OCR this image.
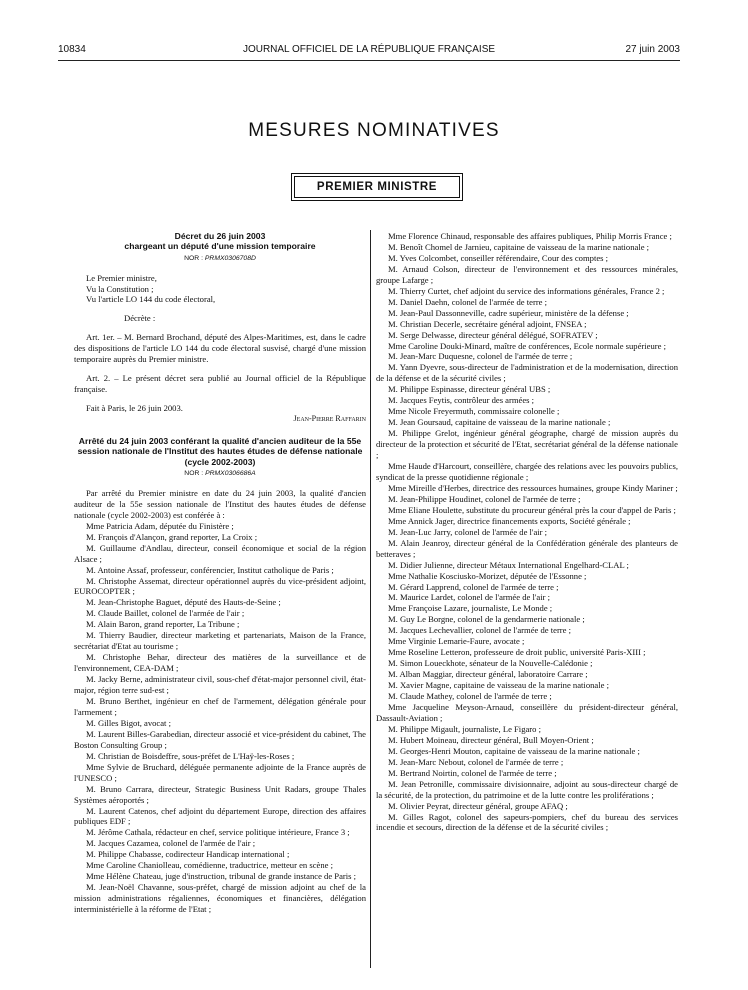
10834	JOURNAL OFFICIEL DE LA RÉPUBLIQUE FRANÇAISE	27 juin 2003
MESURES NOMINATIVES
PREMIER MINISTRE
Décret du 26 juin 2003
chargeant un député d'une mission temporaire
NOR : PRMX0306708D

Le Premier ministre,

Vu la Constitution ;

Vu l'article LO 144 du code électoral,

Décrète :

Art. 1er. – M. Bernard Brochand, député des Alpes-Maritimes, est, dans le cadre des dispositions de l'article LO 144 du code électoral susvisé, chargé d'une mission temporaire auprès du Premier ministre.

Art. 2. – Le présent décret sera publié au Journal officiel de la République française.

Fait à Paris, le 26 juin 2003.

Jean-Pierre Raffarin
Arrêté du 24 juin 2003 conférant la qualité d'ancien auditeur de la 55e session nationale de l'Institut des hautes études de défense nationale (cycle 2002-2003)
NOR : PRMX0306686A

Par arrêté du Premier ministre en date du 24 juin 2003, la qualité d'ancien auditeur de la 55e session nationale de l'Institut des hautes études de défense nationale (cycle 2002-2003) est conférée à :

Mme Patricia Adam, députée du Finistère ;

M. François d'Alançon, grand reporter, La Croix ;

M. Guillaume d'Andlau, directeur, conseil économique et social de la région Alsace ;

M. Antoine Assaf, professeur, conférencier, Institut catholique de Paris ;

M. Christophe Assemat, directeur opérationnel auprès du vice-président adjoint, EUROCOPTER ;

M. Jean-Christophe Baguet, député des Hauts-de-Seine ;

M. Claude Baillet, colonel de l'armée de l'air ;

M. Alain Baron, grand reporter, La Tribune ;

M. Thierry Baudier, directeur marketing et partenariats, Maison de la France, secrétariat d'Etat au tourisme ;

M. Christophe Behar, directeur des matières de la surveillance et de l'environnement, CEA-DAM ;

M. Jacky Berne, administrateur civil, sous-chef d'état-major personnel civil, état-major, région terre sud-est ;

M. Bruno Berthet, ingénieur en chef de l'armement, délégation générale pour l'armement ;

M. Gilles Bigot, avocat ;

M. Laurent Billes-Garabedian, directeur associé et vice-président du cabinet, The Boston Consulting Group ;

M. Christian de Boisdeffre, sous-préfet de L'Haÿ-les-Roses ;

Mme Sylvie de Bruchard, déléguée permanente adjointe de la France auprès de l'UNESCO ;

M. Bruno Carrara, directeur, Strategic Business Unit Radars, groupe Thales Systèmes aéroportés ;

M. Laurent Catenos, chef adjoint du département Europe, direction des affaires publiques EDF ;

M. Jérôme Cathala, rédacteur en chef, service politique intérieure, France 3 ;

M. Jacques Cazamea, colonel de l'armée de l'air ;

M. Philippe Chabasse, codirecteur Handicap international ;

Mme Caroline Chaniolleau, comédienne, traductrice, metteur en scène ;

Mme Hélène Chateau, juge d'instruction, tribunal de grande instance de Paris ;

M. Jean-Noël Chavanne, sous-préfet, chargé de mission adjoint au chef de la mission administrations régaliennes, économiques et financières, délégation interministérielle à la réforme de l'Etat ;

Mme Florence Chinaud, responsable des affaires publiques, Philip Morris France ;

M. Benoît Chomel de Jarnieu, capitaine de vaisseau de la marine nationale ;

M. Yves Colcombet, conseiller référendaire, Cour des comptes ;

M. Arnaud Colson, directeur de l'environnement et des ressources minérales, groupe Lafarge ;

M. Thierry Curtet, chef adjoint du service des informations générales, France 2 ;

M. Daniel Daehn, colonel de l'armée de terre ;

M. Jean-Paul Dassonneville, cadre supérieur, ministère de la défense ;

M. Christian Decerle, secrétaire général adjoint, FNSEA ;

M. Serge Delwasse, directeur général délégué, SOFRATEV ;

Mme Caroline Douki-Minard, maître de conférences, Ecole normale supérieure ;

M. Jean-Marc Duquesne, colonel de l'armée de terre ;

M. Yann Dyevre, sous-directeur de l'administration et de la modernisation, direction de la défense et de la sécurité civiles ;

M. Philippe Espinasse, directeur général UBS ;

M. Jacques Feytis, contrôleur des armées ;

Mme Nicole Freyermuth, commissaire colonelle ;

M. Jean Goursaud, capitaine de vaisseau de la marine nationale ;

M. Philippe Grelot, ingénieur général géographe, chargé de mission auprès du directeur de la protection et sécurité de l'Etat, secrétariat général de la défense nationale ;

Mme Haude d'Harcourt, conseillère, chargée des relations avec les pouvoirs publics, syndicat de la presse quotidienne régionale ;

Mme Mireille d'Herbes, directrice des ressources humaines, groupe Kindy Mariner ;

M. Jean-Philippe Houdinet, colonel de l'armée de terre ;

Mme Eliane Houlette, substitute du procureur général près la cour d'appel de Paris ;

Mme Annick Jager, directrice financements exports, Société générale ;

M. Jean-Luc Jarry, colonel de l'armée de l'air ;

M. Alain Jeanroy, directeur général de la Confédération générale des planteurs de betteraves ;

M. Didier Julienne, directeur Métaux International Engelhard-CLAL ;

Mme Nathalie Kosciusko-Morizet, députée de l'Essonne ;

M. Gérard Lapprend, colonel de l'armée de terre ;

M. Maurice Lardet, colonel de l'armée de l'air ;

Mme Françoise Lazare, journaliste, Le Monde ;

M. Guy Le Borgne, colonel de la gendarmerie nationale ;

M. Jacques Lechevallier, colonel de l'armée de terre ;

Mme Virginie Lemarie-Faure, avocate ;

Mme Roseline Letteron, professeure de droit public, université Paris-XIII ;

M. Simon Loueckhote, sénateur de la Nouvelle-Calédonie ;

M. Alban Maggiar, directeur général, laboratoire Carrare ;

M. Xavier Magne, capitaine de vaisseau de la marine nationale ;

M. Claude Mathey, colonel de l'armée de terre ;

Mme Jacqueline Meyson-Arnaud, conseillère du président-directeur général, Dassault-Aviation ;

M. Philippe Migault, journaliste, Le Figaro ;

M. Hubert Moineau, directeur général, Bull Moyen-Orient ;

M. Georges-Henri Mouton, capitaine de vaisseau de la marine nationale ;

M. Jean-Marc Nebout, colonel de l'armée de terre ;

M. Bertrand Noirtin, colonel de l'armée de terre ;

M. Jean Petronille, commissaire divisionnaire, adjoint au sous-directeur chargé de la sécurité, de la protection, du patrimoine et de la lutte contre les proliférations ;

M. Olivier Peyrat, directeur général, groupe AFAQ ;

M. Gilles Ragot, colonel des sapeurs-pompiers, chef du bureau des services incendie et secours, direction de la défense et de la sécurité civiles ;
